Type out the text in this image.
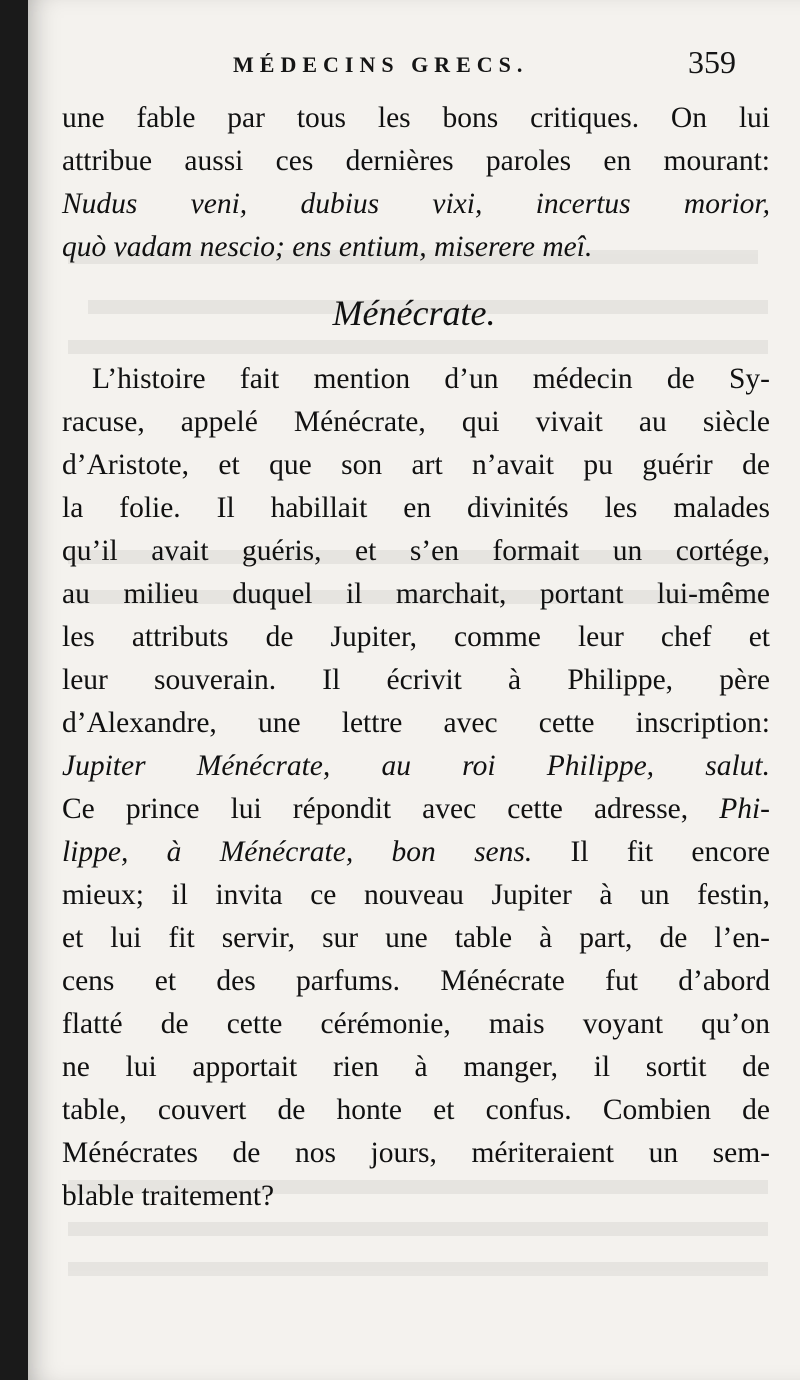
MÉDECINS GRECS.	359
une fable par tous les bons critiques. On lui
attribue aussi ces dernières paroles en mourant:
Nudus veni, dubius vixi, incertus morior,
quò vadam nescio; ens entium, miserere meî.
Ménécrate.
L’histoire fait mention d’un médecin de Sy-
racuse, appelé Ménécrate, qui vivait au siècle
d’Aristote, et que son art n’avait pu guérir de
la folie. Il habillait en divinités les malades
qu’il avait guéris, et s’en formait un cortége,
au milieu duquel il marchait, portant lui-même
les attributs de Jupiter, comme leur chef et
leur souverain. Il écrivit à Philippe, père
d’Alexandre, une lettre avec cette inscription:
Jupiter Ménécrate, au roi Philippe, salut.
Ce prince lui répondit avec cette adresse, Phi-
lippe, à Ménécrate, bon sens. Il fit encore
mieux; il invita ce nouveau Jupiter à un festin,
et lui fit servir, sur une table à part, de l’en-
cens et des parfums. Ménécrate fut d’abord
flatté de cette cérémonie, mais voyant qu’on
ne lui apportait rien à manger, il sortit de
table, couvert de honte et confus. Combien de
Ménécrates de nos jours, mériteraient un sem-
blable traitement?
